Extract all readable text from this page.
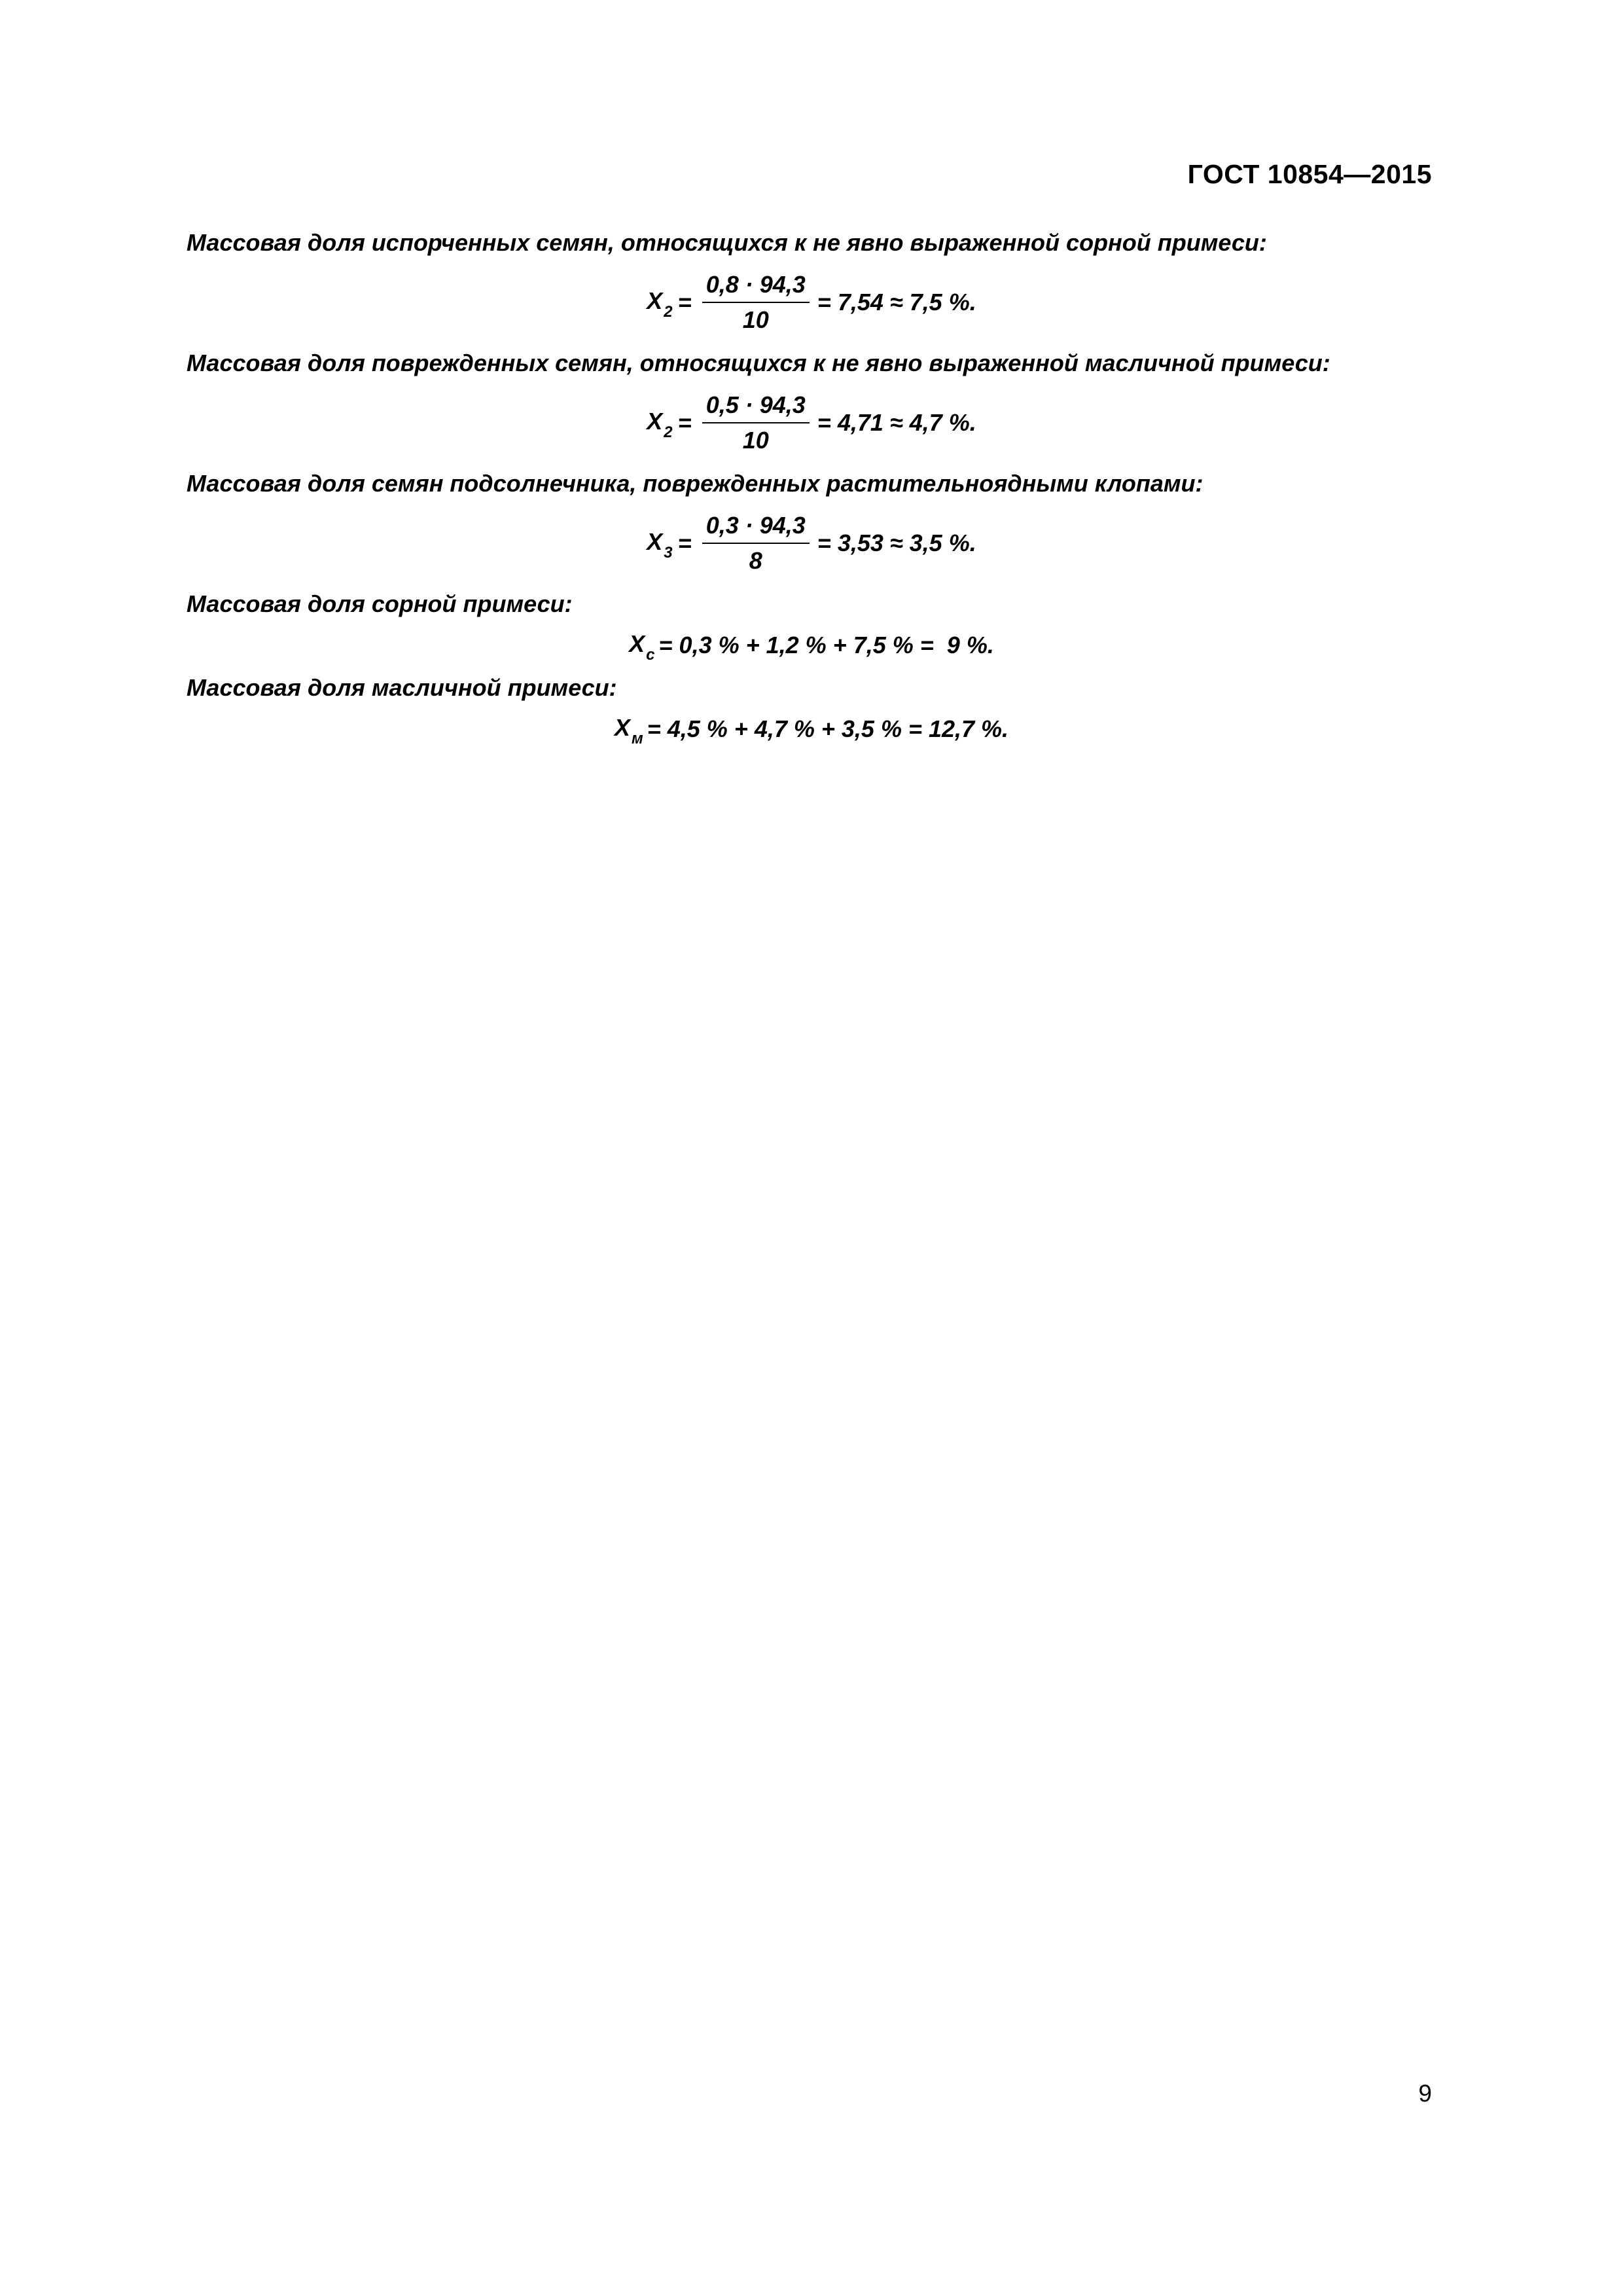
ГОСТ 10854—2015
Массовая доля испорченных семян, относящихся к не явно выраженной сорной примеси:
$X_2 = \frac{0,8 \cdot 94,3}{10} = 7,54 \approx 7,5$ %.
Массовая доля поврежденных семян, относящихся к не явно выраженной масличной примеси:
$X_2 = \frac{0,5 \cdot 94,3}{10} = 4,71 \approx 4,7$ %.
Массовая доля семян подсолнечника, поврежденных растительноядными клопами:
$X_3 = \frac{0,3 \cdot 94,3}{8} = 3,53 \approx 3,5$ %.
Массовая доля сорной примеси:
$X_с = 0,3$ % + 1,2 % + 7,5 % =  9 %.
Массовая доля масличной примеси:
$X_м = 4,5$ % + 4,7 % + 3,5 % = 12,7 %.
9
